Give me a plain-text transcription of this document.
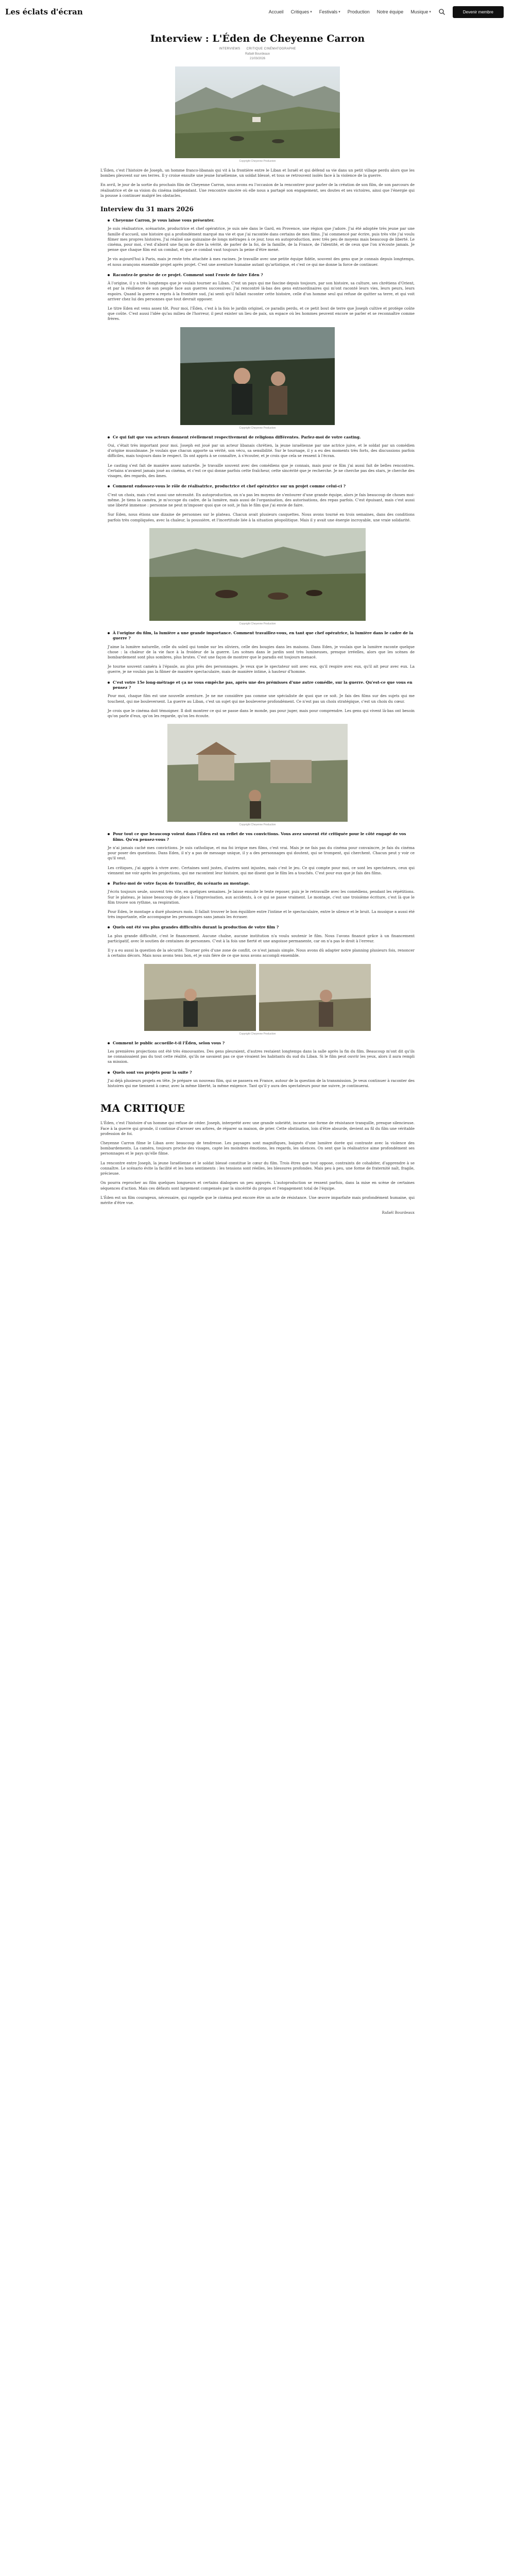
Les éclats d'écran	Accueil Critiques ▾ Festivals ▾ Production Notre équipe Musique ▾	Devenir membre
Interview : L'Éden de Cheyenne Carron
INTERVIEWS CRITIQUE CINÉMATOGRAPHE
Rafaël Bourdeaux
21/03/2026
Copyright Cheyenne Production

L'Éden, c'est l'histoire de Joseph, un homme franco-libanais qui vit à la frontière entre le Liban et Israël et qui défend sa vie dans un petit village perdu alors que les bombes pleuvent sur ses terres. Il y croise ensuite une jeune Israélienne, un soldat blessé, et tous se retrouvent isolés face à la violence de la guerre.

En avril, le jour de la sortie du prochain film de Cheyenne Carron, nous avons eu l'occasion de la rencontrer pour parler de la création de son film, de son parcours de réalisatrice et de sa vision du cinéma indépendant. Une rencontre sincère où elle nous a partagé son engagement, ses doutes et ses victoires, ainsi que l'énergie qui la pousse à continuer malgré les obstacles.

Interview du 31 mars 2026
Cheyenne Carron, je vous laisse vous présenter.

Je suis réalisatrice, scénariste, productrice et chef opératrice, je suis née dans le Gard, en Provence, une région que j'adore. J'ai été adoptée très jeune par une famille d'accueil, une histoire qui a profondément marqué ma vie et que j'ai racontée dans certains de mes films. J'ai commencé par écrire, puis très vite j'ai voulu filmer mes propres histoires. J'ai réalisé une quinzaine de longs métrages à ce jour, tous en autoproduction, avec très peu de moyens mais beaucoup de liberté. Le cinéma, pour moi, c'est d'abord une façon de dire la vérité, de parler de la foi, de la famille, de la France, de l'identité, et de ceux que l'on n'écoute jamais. Je pense que chaque film est un combat, et que ce combat vaut toujours la peine d'être mené.

Je vis aujourd'hui à Paris, mais je reste très attachée à mes racines. Je travaille avec une petite équipe fidèle, souvent des gens que je connais depuis longtemps, et nous avançons ensemble projet après projet. C'est une aventure humaine autant qu'artistique, et c'est ce qui me donne la force de continuer.

Racontez-le genèse de ce projet. Comment sont l'envie de faire Eden ?

À l'origine, il y a très longtemps que je voulais tourner au Liban. C'est un pays qui me fascine depuis toujours, par son histoire, sa culture, ses chrétiens d'Orient, et par la résilience de son peuple face aux guerres successives. J'ai rencontré là-bas des gens extraordinaires qui m'ont raconté leurs vies, leurs peurs, leurs espoirs. Quand la guerre a repris à la frontière sud, j'ai senti qu'il fallait raconter cette histoire, celle d'un homme seul qui refuse de quitter sa terre, et qui voit arriver chez lui des personnes que tout devrait opposer.

Le titre Eden est venu assez tôt. Pour moi, l'Éden, c'est à la fois le jardin originel, ce paradis perdu, et ce petit bout de terre que Joseph cultive et protège coûte que coûte. C'est aussi l'idée qu'au milieu de l'horreur, il peut exister un lieu de paix, un espace où les hommes peuvent encore se parler et se reconnaître comme frères.

Copyright Cheyenne Production
Ce qui fait que vos acteurs donnent réellement respectivement de religions différentes. Parlez-moi de votre casting.

Oui, c'était très important pour moi. Joseph est joué par un acteur libanais chrétien, la jeune israélienne par une actrice juive, et le soldat par un comédien d'origine musulmane. Je voulais que chacun apporte sa vérité, son vécu, sa sensibilité. Sur le tournage, il y a eu des moments très forts, des discussions parfois difficiles, mais toujours dans le respect. Ils ont appris à se connaître, à s'écouter, et je crois que cela se ressent à l'écran.

Le casting s'est fait de manière assez naturelle. Je travaille souvent avec des comédiens que je connais, mais pour ce film j'ai aussi fait de belles rencontres. Certains n'avaient jamais joué au cinéma, et c'est ce qui donne parfois cette fraîcheur, cette sincérité que je recherche. Je ne cherche pas des stars, je cherche des visages, des regards, des âmes.

Comment endossez-vous le rôle de réalisatrice, productrice et chef opératrice sur un projet comme celui-ci ?

C'est un choix, mais c'est aussi une nécessité. En autoproduction, on n'a pas les moyens de s'entourer d'une grande équipe, alors je fais beaucoup de choses moi-même. Je tiens la caméra, je m'occupe du cadre, de la lumière, mais aussi de l'organisation, des autorisations, des repas parfois. C'est épuisant, mais c'est aussi une liberté immense : personne ne peut m'imposer quoi que ce soit, je fais le film que j'ai envie de faire.

Sur Eden, nous étions une dizaine de personnes sur le plateau. Chacun avait plusieurs casquettes. Nous avons tourné en trois semaines, dans des conditions parfois très compliquées, avec la chaleur, la poussière, et l'incertitude liée à la situation géopolitique. Mais il y avait une énergie incroyable, une vraie solidarité.

Copyright Cheyenne Production
À l'origine du film, la lumière a une grande importance. Comment travaillez-vous, en tant que chef opératrice, la lumière dans le cadre de la guerre ?

J'aime la lumière naturelle, celle du soleil qui tombe sur les oliviers, celle des bougies dans les maisons. Dans Eden, je voulais que la lumière raconte quelque chose : la chaleur de la vie face à la froideur de la guerre. Les scènes dans le jardin sont très lumineuses, presque irréelles, alors que les scènes de bombardement sont plus sombres, plus brutes. C'est une façon de montrer que le paradis est toujours menacé.

Je tourne souvent caméra à l'épaule, au plus près des personnages. Je veux que le spectateur soit avec eux, qu'il respire avec eux, qu'il ait peur avec eux. La guerre, je ne voulais pas la filmer de manière spectaculaire, mais de manière intime, à hauteur d'homme.

C'est votre 15e long-métrage et ça ne vous empêche pas, après une des prémisses d'une autre comédie, sur la guerre. Qu'est-ce que vous en pensez ?

Pour moi, chaque film est une nouvelle aventure. Je ne me considère pas comme une spécialiste de quoi que ce soit. Je fais des films sur des sujets qui me touchent, qui me bouleversent. La guerre au Liban, c'est un sujet qui me bouleverse profondément. Ce n'est pas un choix stratégique, c'est un choix du cœur.

Je crois que le cinéma doit témoigner. Il doit montrer ce qui se passe dans le monde, pas pour juger, mais pour comprendre. Les gens qui vivent là-bas ont besoin qu'on parle d'eux, qu'on les regarde, qu'on les écoute.

Copyright Cheyenne Production
Pour tout ce que beaucoup voient dans l'Éden est un reflet de vos convictions. Vous avez souvent été critiquée pour le côté engagé de vos films. Qu'en pensez-vous ?

Je n'ai jamais caché mes convictions. Je suis catholique, et ma foi irrigue mes films, c'est vrai. Mais je ne fais pas du cinéma pour convaincre, je fais du cinéma pour poser des questions. Dans Eden, il n'y a pas de message unique, il y a des personnages qui doutent, qui se trompent, qui cherchent. Chacun peut y voir ce qu'il veut.

Les critiques, j'ai appris à vivre avec. Certaines sont justes, d'autres sont injustes, mais c'est le jeu. Ce qui compte pour moi, ce sont les spectateurs, ceux qui viennent me voir après les projections, qui me racontent leur histoire, qui me disent que le film les a touchés. C'est pour eux que je fais des films.

Parlez-moi de votre façon de travailler, du scénario au montage.

J'écris toujours seule, souvent très vite, en quelques semaines. Je laisse ensuite le texte reposer, puis je le retravaille avec les comédiens, pendant les répétitions. Sur le plateau, je laisse beaucoup de place à l'improvisation, aux accidents, à ce qui se passe vraiment. Le montage, c'est une troisième écriture, c'est là que le film trouve son rythme, sa respiration.

Pour Eden, le montage a duré plusieurs mois. Il fallait trouver le bon équilibre entre l'intime et le spectaculaire, entre le silence et le bruit. La musique a aussi été très importante, elle accompagne les personnages sans jamais les écraser.

Quels ont été vos plus grandes difficultés durant la production de votre film ?

La plus grande difficulté, c'est le financement. Aucune chaîne, aucune institution n'a voulu soutenir le film. Nous l'avons financé grâce à un financement participatif, avec le soutien de centaines de personnes. C'est à la fois une fierté et une angoisse permanente, car on n'a pas le droit à l'erreur.

Il y a eu aussi la question de la sécurité. Tourner près d'une zone de conflit, ce n'est jamais simple. Nous avons dû adapter notre planning plusieurs fois, renoncer à certains décors. Mais nous avons tenu bon, et je suis fière de ce que nous avons accompli ensemble.

Copyright Cheyenne Production
Comment le public accueille-t-il l'Éden, selon vous ?

Les premières projections ont été très émouvantes. Des gens pleuraient, d'autres restaient longtemps dans la salle après la fin du film. Beaucoup m'ont dit qu'ils ne connaissaient pas du tout cette réalité, qu'ils ne savaient pas ce que vivaient les habitants du sud du Liban. Si le film peut ouvrir les yeux, alors il aura rempli sa mission.

Quels sont vos projets pour la suite ?

J'ai déjà plusieurs projets en tête. Je prépare un nouveau film, qui se passera en France, autour de la question de la transmission. Je veux continuer à raconter des histoires qui me tiennent à cœur, avec la même liberté, la même exigence. Tant qu'il y aura des spectateurs pour me suivre, je continuerai.

MA CRITIQUE

L'Éden, c'est l'histoire d'un homme qui refuse de céder. Joseph, interprété avec une grande sobriété, incarne une forme de résistance tranquille, presque silencieuse. Face à la guerre qui gronde, il continue d'arroser ses arbres, de réparer sa maison, de prier. Cette obstination, loin d'être absurde, devient au fil du film une véritable profession de foi.

Cheyenne Carron filme le Liban avec beaucoup de tendresse. Les paysages sont magnifiques, baignés d'une lumière dorée qui contraste avec la violence des bombardements. La caméra, toujours proche des visages, capte les moindres émotions, les regards, les silences. On sent que la réalisatrice aime profondément ses personnages et le pays qu'elle filme.

La rencontre entre Joseph, la jeune Israélienne et le soldat blessé constitue le cœur du film. Trois êtres que tout oppose, contraints de cohabiter, d'apprendre à se connaître. Le scénario évite la facilité et les bons sentiments : les tensions sont réelles, les blessures profondes. Mais peu à peu, une forme de fraternité naît, fragile, précieuse.

On pourra reprocher au film quelques longueurs et certains dialogues un peu appuyés. L'autoproduction se ressent parfois, dans la mise en scène de certaines séquences d'action. Mais ces défauts sont largement compensés par la sincérité du propos et l'engagement total de l'équipe.

L'Éden est un film courageux, nécessaire, qui rappelle que le cinéma peut encore être un acte de résistance. Une œuvre imparfaite mais profondément humaine, qui mérite d'être vue.

Rafaël Bourdeaux
